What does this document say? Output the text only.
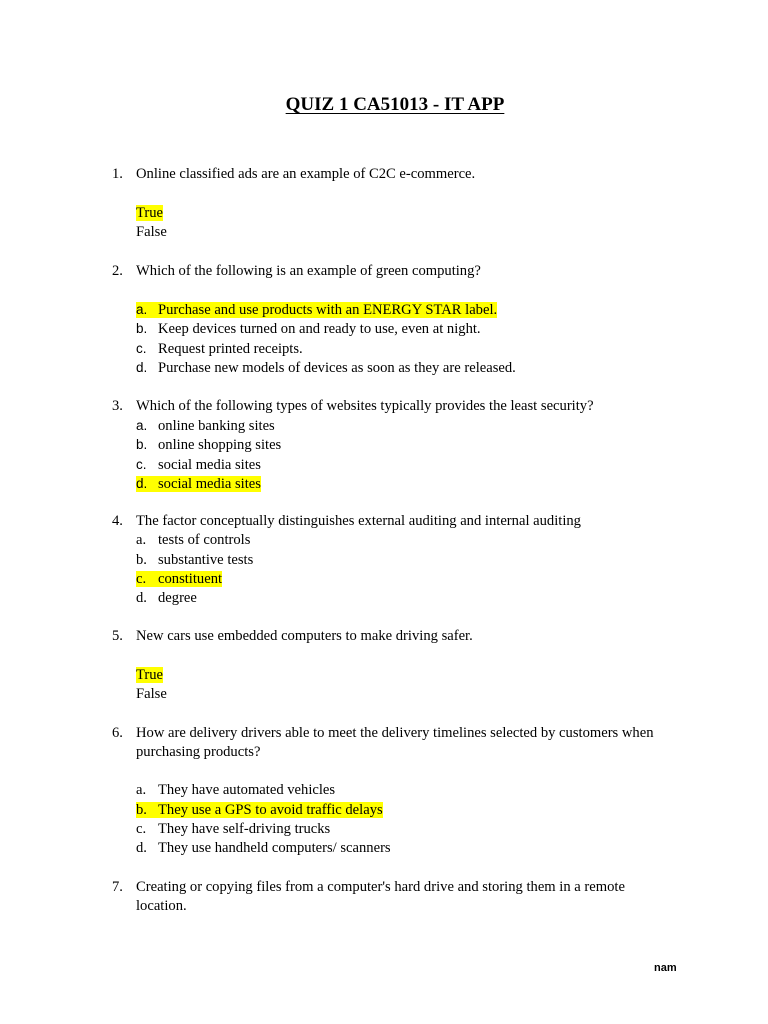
QUIZ 1 CA51013 - IT APP
1. Online classified ads are an example of C2C e-commerce.
True
False
2. Which of the following is an example of green computing?
a. Purchase and use products with an ENERGY STAR label.
b. Keep devices turned on and ready to use, even at night.
c. Request printed receipts.
d. Purchase new models of devices as soon as they are released.
3. Which of the following types of websites typically provides the least security?
a. online banking sites
b. online shopping sites
c. social media sites
d. social media sites
4. The factor conceptually distinguishes external auditing and internal auditing
a. tests of controls
b. substantive tests
c. constituent
d. degree
5. New cars use embedded computers to make driving safer.
True
False
6. How are delivery drivers able to meet the delivery timelines selected by customers when
purchasing products?
a. They have automated vehicles
b. They use a GPS to avoid traffic delays
c. They have self-driving trucks
d. They use handheld computers/ scanners
7. Creating or copying files from a computer's hard drive and storing them in a remote
location.
nam
